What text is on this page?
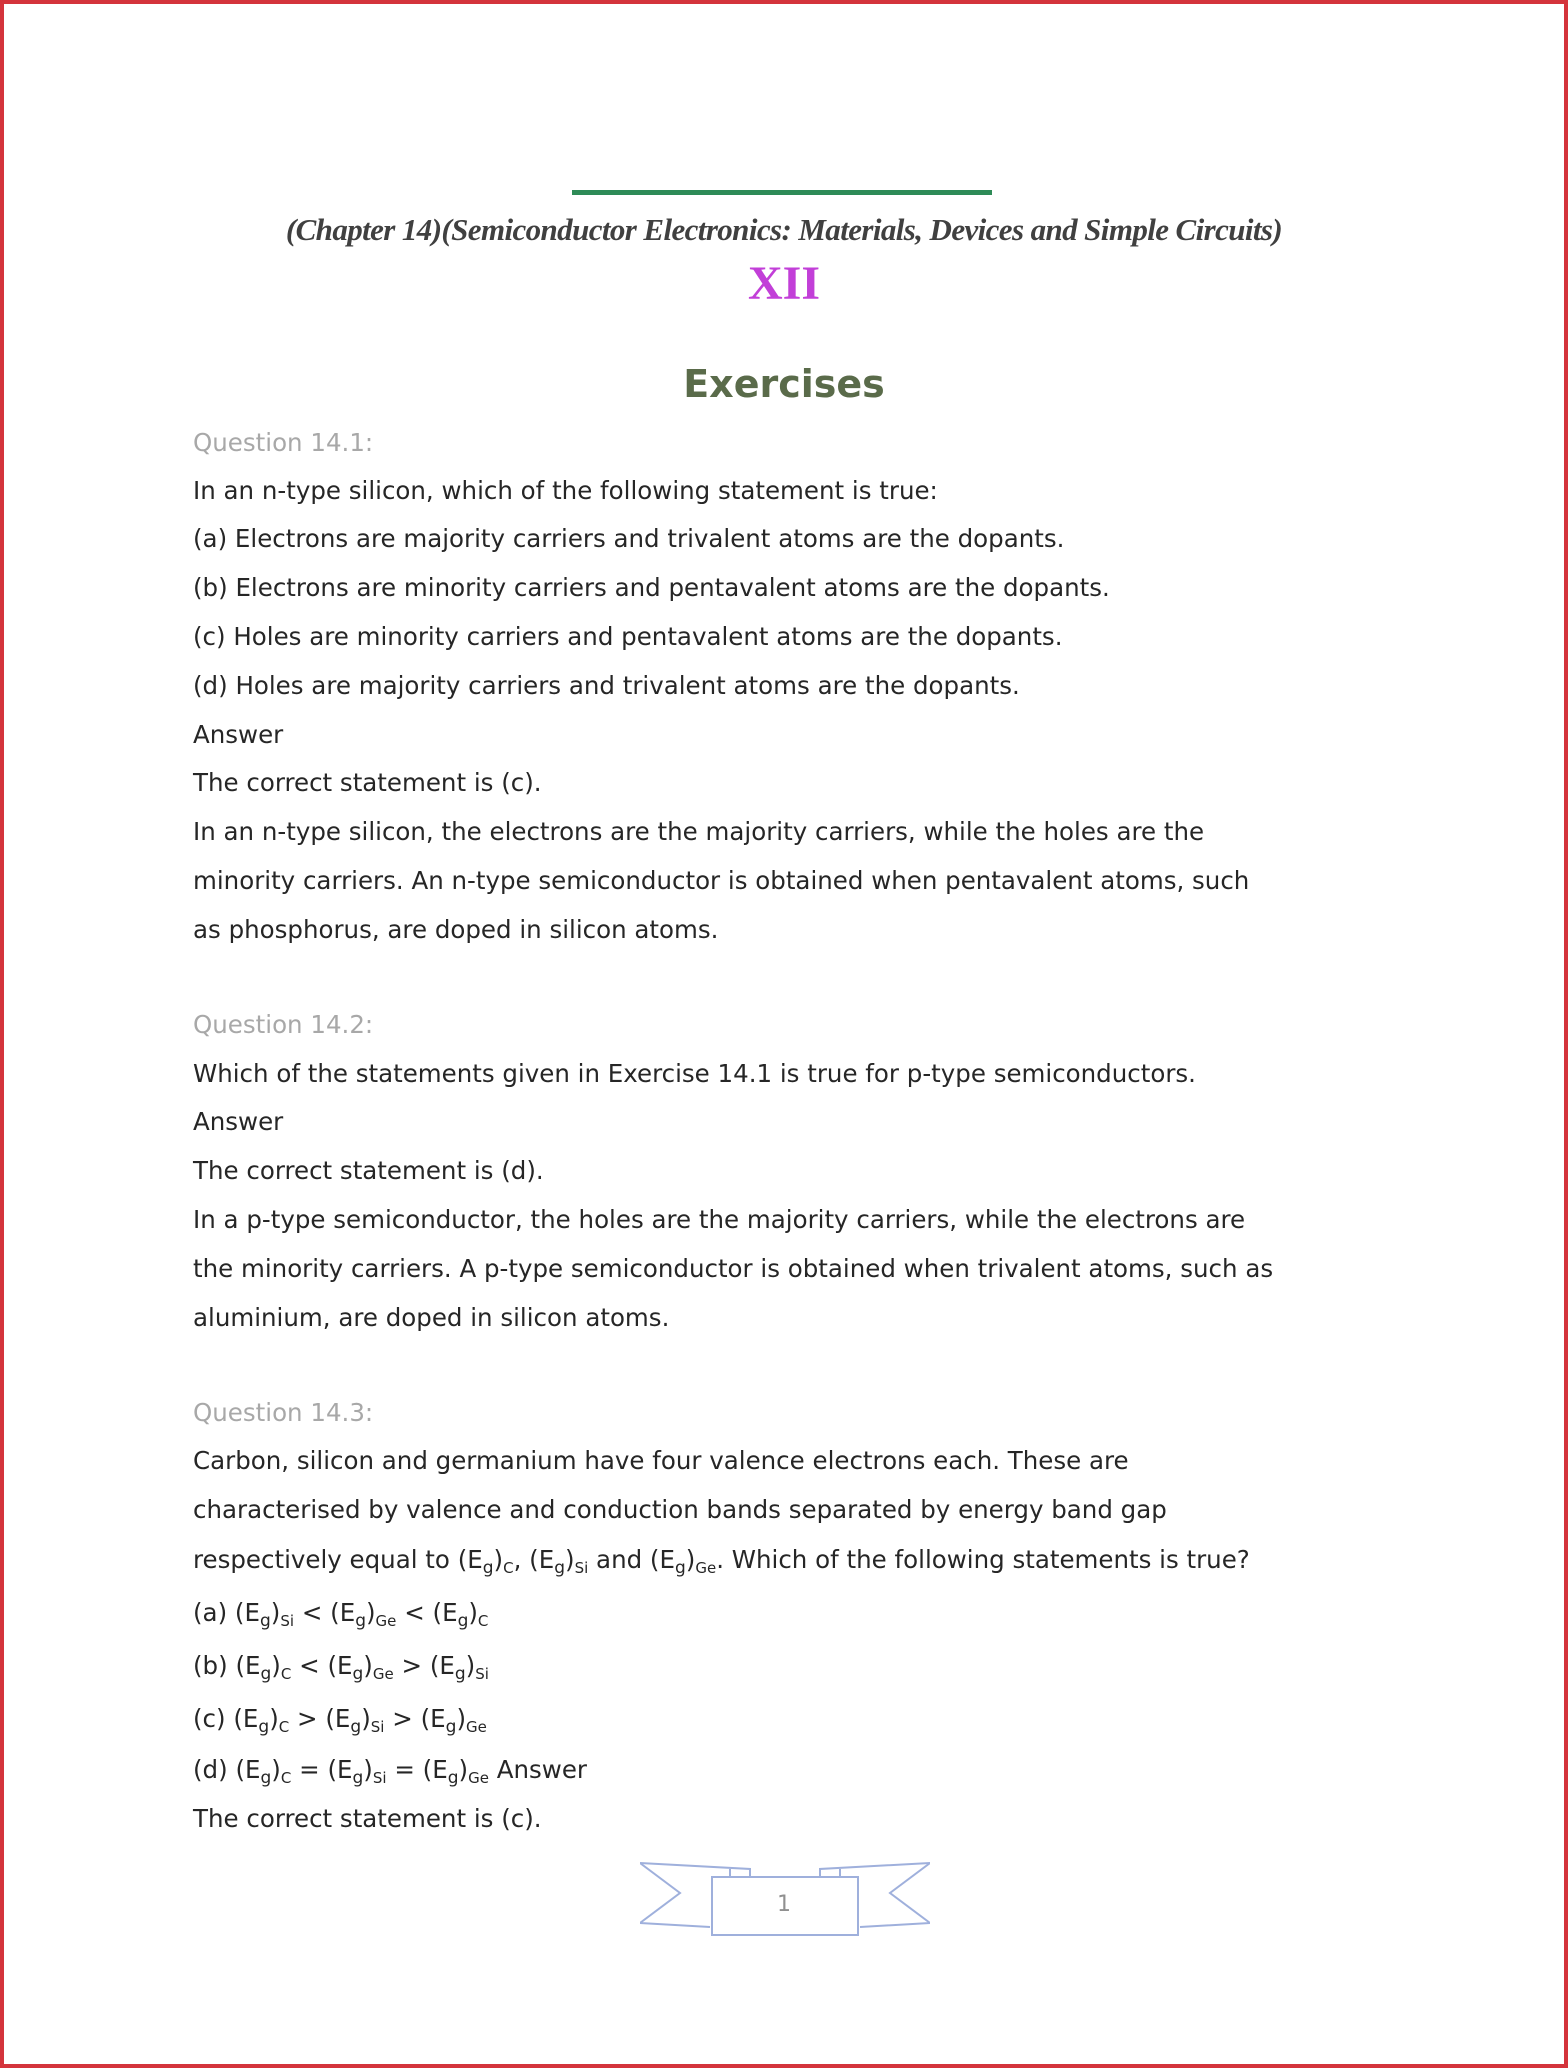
(Chapter 14)(Semiconductor Electronics: Materials, Devices and Simple Circuits)
XII
Exercises
Question 14.1:
In an n-type silicon, which of the following statement is true:
(a) Electrons are majority carriers and trivalent atoms are the dopants.
(b) Electrons are minority carriers and pentavalent atoms are the dopants.
(c) Holes are minority carriers and pentavalent atoms are the dopants.
(d) Holes are majority carriers and trivalent atoms are the dopants.
Answer
The correct statement is (c).
In an n-type silicon, the electrons are the majority carriers, while the holes are the
minority carriers. An n-type semiconductor is obtained when pentavalent atoms, such
as phosphorus, are doped in silicon atoms.
Question 14.2:
Which of the statements given in Exercise 14.1 is true for p-type semiconductors.
Answer
The correct statement is (d).
In a p-type semiconductor, the holes are the majority carriers, while the electrons are
the minority carriers. A p-type semiconductor is obtained when trivalent atoms, such as
aluminium, are doped in silicon atoms.
Question 14.3:
Carbon, silicon and germanium have four valence electrons each. These are
characterised by valence and conduction bands separated by energy band gap
respectively equal to $(E_g)_C$, $(E_g)_{Si}$ and $(E_g)_{Ge}$. Which of the following statements is true?
(a) $(E_g)_{Si} < (E_g)_{Ge} < (E_g)_C$
(b) $(E_g)_C < (E_g)_{Ge} > (E_g)_{Si}$
(c) $(E_g)_C > (E_g)_{Si} > (E_g)_{Ge}$
(d) $(E_g)_C = (E_g)_{Si} = (E_g)_{Ge}$ Answer
The correct statement is (c).
1
